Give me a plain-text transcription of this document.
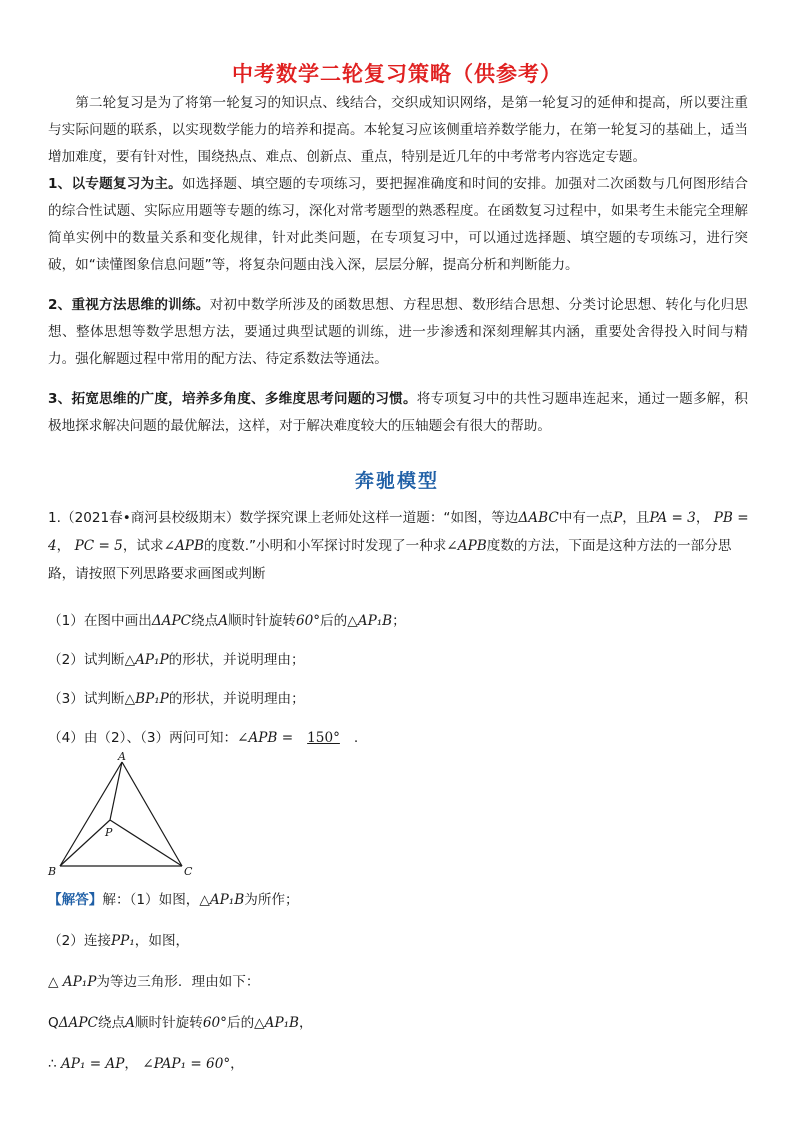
中考数学二轮复习策略（供参考）
第二轮复习是为了将第一轮复习的知识点、线结合，交织成知识网络，是第一轮复习的延伸和提高，所以要注重与实际问题的联系，以实现数学能力的培养和提高。本轮复习应该侧重培养数学能力，在第一轮复习的基础上，适当增加难度，要有针对性，围绕热点、难点、创新点、重点，特别是近几年的中考常考内容选定专题。
1、以专题复习为主。如选择题、填空题的专项练习，要把握准确度和时间的安排。加强对二次函数与几何图形结合的综合性试题、实际应用题等专题的练习，深化对常考题型的熟悉程度。在函数复习过程中，如果考生未能完全理解简单实例中的数量关系和变化规律，针对此类问题，在专项复习中，可以通过选择题、填空题的专项练习，进行突破，如“读懂图象信息问题”等，将复杂问题由浅入深，层层分解，提高分析和判断能力。
2、重视方法思维的训练。对初中数学所涉及的函数思想、方程思想、数形结合思想、分类讨论思想、转化与化归思想、整体思想等数学思想方法，要通过典型试题的训练，进一步渗透和深刻理解其内涵，重要处舍得投入时间与精力。强化解题过程中常用的配方法、待定系数法等通法。
3、拓宽思维的广度，培养多角度、多维度思考问题的习惯。将专项复习中的共性习题串连起来，通过一题多解，积极地探求解决问题的最优解法，这样，对于解决难度较大的压轴题会有很大的帮助。
奔驰模型
1.（2021春•商河县校级期末）数学探究课上老师处这样一道题：“如图，等边ΔABC中有一点P，且PA = 3， PB = 4， PC = 5，试求∠APB的度数.”小明和小军探讨时发现了一种求∠APB度数的方法，下面是这种方法的一部分思路，请按照下列思路要求画图或判断
（1）在图中画出ΔAPC绕点A顺时针旋转60°后的△AP₁B；
（2）试判断△AP₁P的形状，并说明理由；
（3）试判断△BP₁P的形状，并说明理由；
（4）由（2）、（3）两问可知：∠APB = 150° .
A
P
B	C
【解答】解：（1）如图，△AP₁B为所作；
（2）连接PP₁，如图，
△ AP₁P为等边三角形．理由如下：
QΔAPC绕点A顺时针旋转60°后的△AP₁B，
∴ AP₁ = AP， ∠PAP₁ = 60°，
